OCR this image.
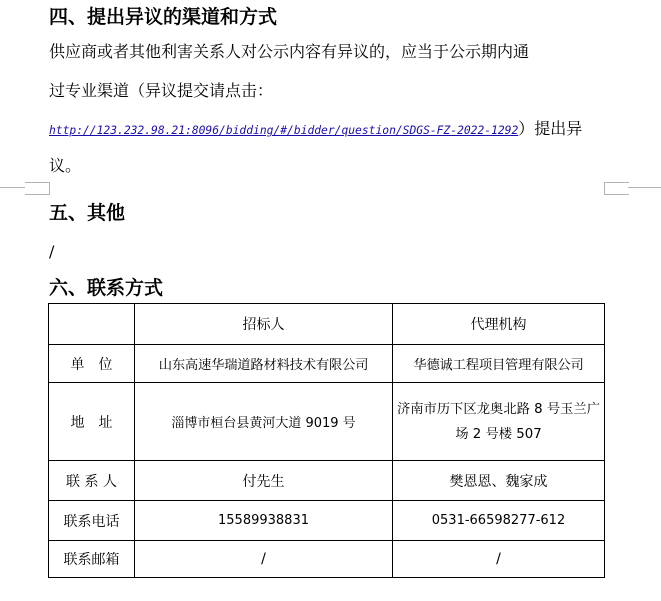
四、提出异议的渠道和方式
供应商或者其他利害关系人对公示内容有异议的，应当于公示期内通
过专业渠道（异议提交请点击：
http://123.232.98.21:8096/bidding/#/bidder/question/SDGS-FZ-2022-1292）提出异
议。
五、其他
/
六、联系方式
	招标人	代理机构
单　位	山东高速华瑞道路材料技术有限公司	华德诚工程项目管理有限公司
地　址	淄博市桓台县黄河大道 9019 号	济南市历下区龙奥北路 8 号玉兰广场 2 号楼 507
联 系 人	付先生	樊恩恩、魏家成
联系电话	15589938831	0531-66598277-612
联系邮箱	/	/
